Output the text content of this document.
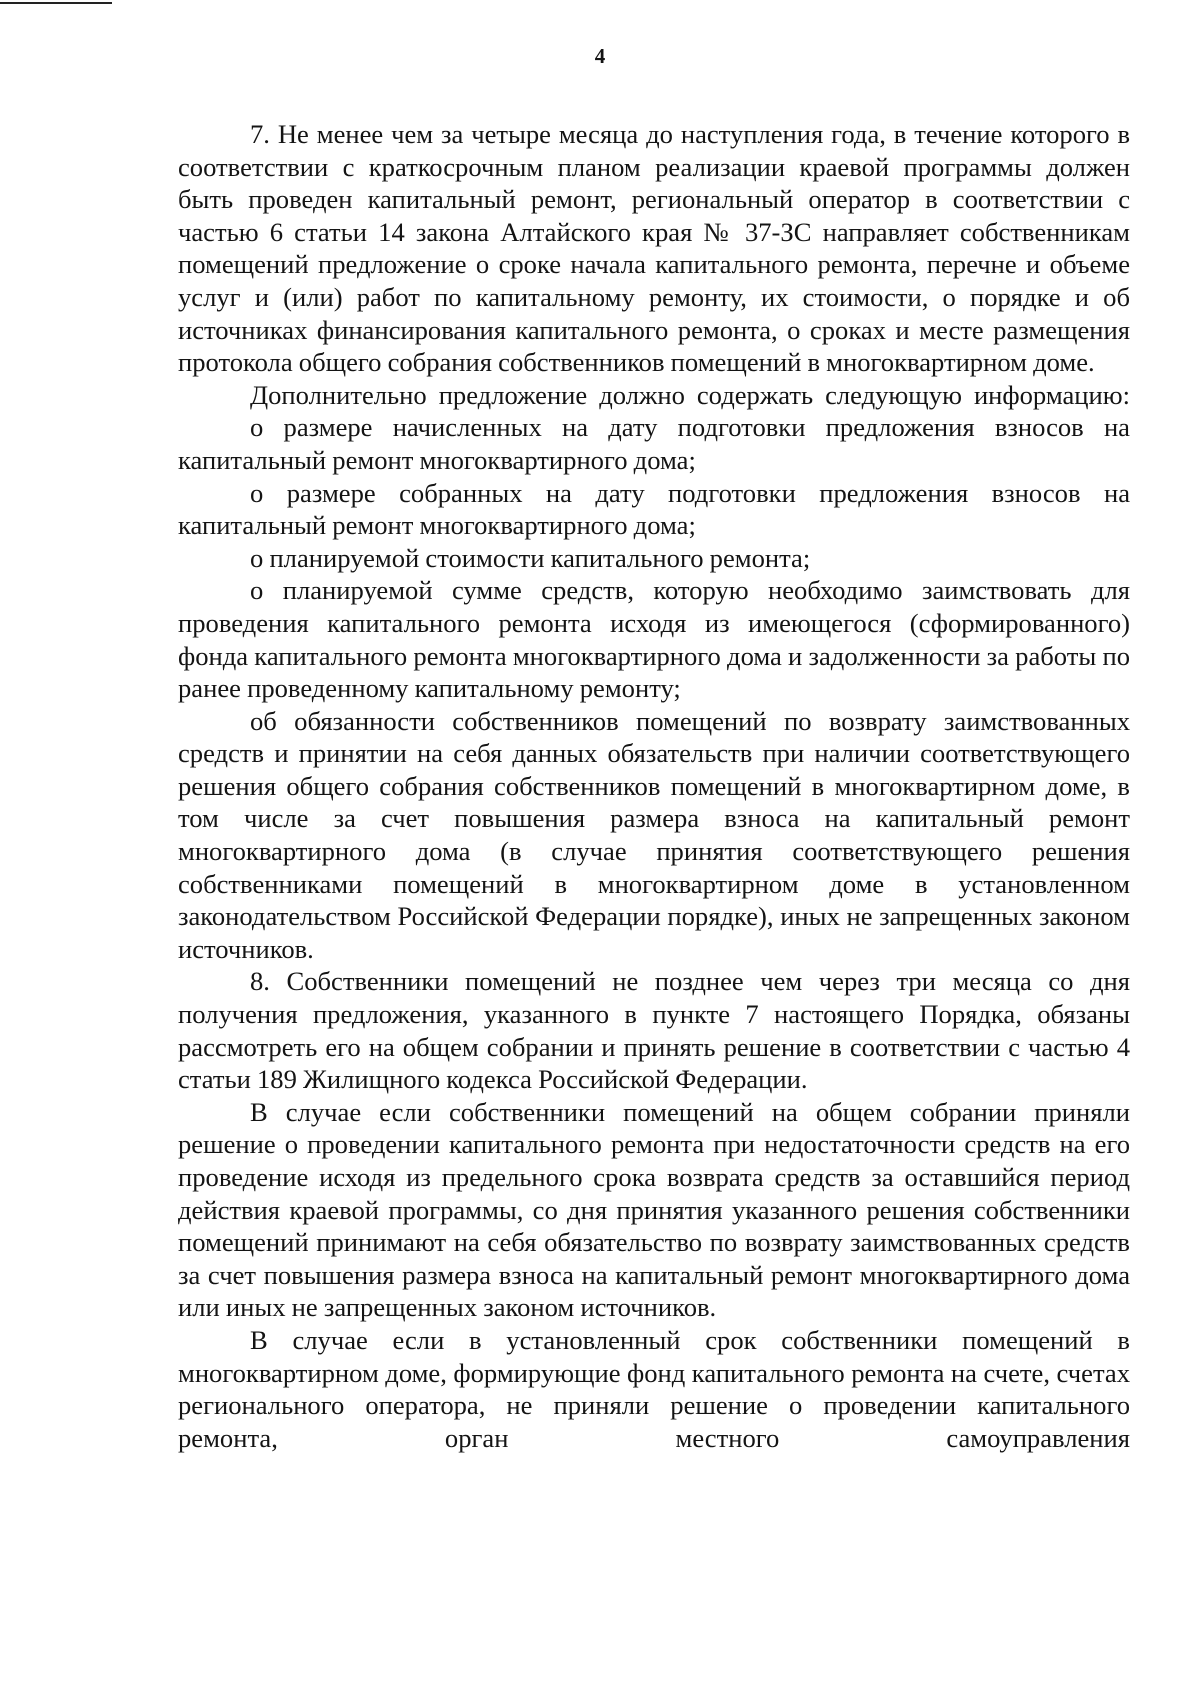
4

7. Не менее чем за четыре месяца до наступления года, в течение которого в соответствии с краткосрочным планом реализации краевой программы должен быть проведен капитальный ремонт, региональный оператор в соответствии с частью 6 статьи 14 закона Алтайского края № 37-ЗС направляет собственникам помещений предложение о сроке начала капитального ремонта, перечне и объеме услуг и (или) работ по капитальному ремонту, их стоимости, о порядке и об источниках финансирования капитального ремонта, о сроках и месте размещения протокола общего собрания собственников помещений в многоквартирном доме.

Дополнительно предложение должно содержать следующую информацию:

о размере начисленных на дату подготовки предложения взносов на капитальный ремонт многоквартирного дома;

о размере собранных на дату подготовки предложения взносов на капитальный ремонт многоквартирного дома;

о планируемой стоимости капитального ремонта;

о планируемой сумме средств, которую необходимо заимствовать для проведения капитального ремонта исходя из имеющегося (сформированного) фонда капитального ремонта многоквартирного дома и задолженности за работы по ранее проведенному капитальному ремонту;

об обязанности собственников помещений по возврату заимствованных средств и принятии на себя данных обязательств при наличии соответствующего решения общего собрания собственников помещений в многоквартирном доме, в том числе за счет повышения размера взноса на капитальный ремонт многоквартирного дома (в случае принятия соответствующего решения собственниками помещений в многоквартирном доме в установленном законодательством Российской Федерации порядке), иных не запрещенных законом источников.

8. Собственники помещений не позднее чем через три месяца со дня получения предложения, указанного в пункте 7 настоящего Порядка, обязаны рассмотреть его на общем собрании и принять решение в соответствии с частью 4 статьи 189 Жилищного кодекса Российской Федерации.

В случае если собственники помещений на общем собрании приняли решение о проведении капитального ремонта при недостаточности средств на его проведение исходя из предельного срока возврата средств за оставшийся период действия краевой программы, со дня принятия указанного решения собственники помещений принимают на себя обязательство по возврату заимствованных средств за счет повышения размера взноса на капитальный ремонт многоквартирного дома или иных не запрещенных законом источников.

В случае если в установленный срок собственники помещений в многоквартирном доме, формирующие фонд капитального ремонта на счете, счетах регионального оператора, не приняли решение о проведении капитального ремонта, орган местного самоуправления
